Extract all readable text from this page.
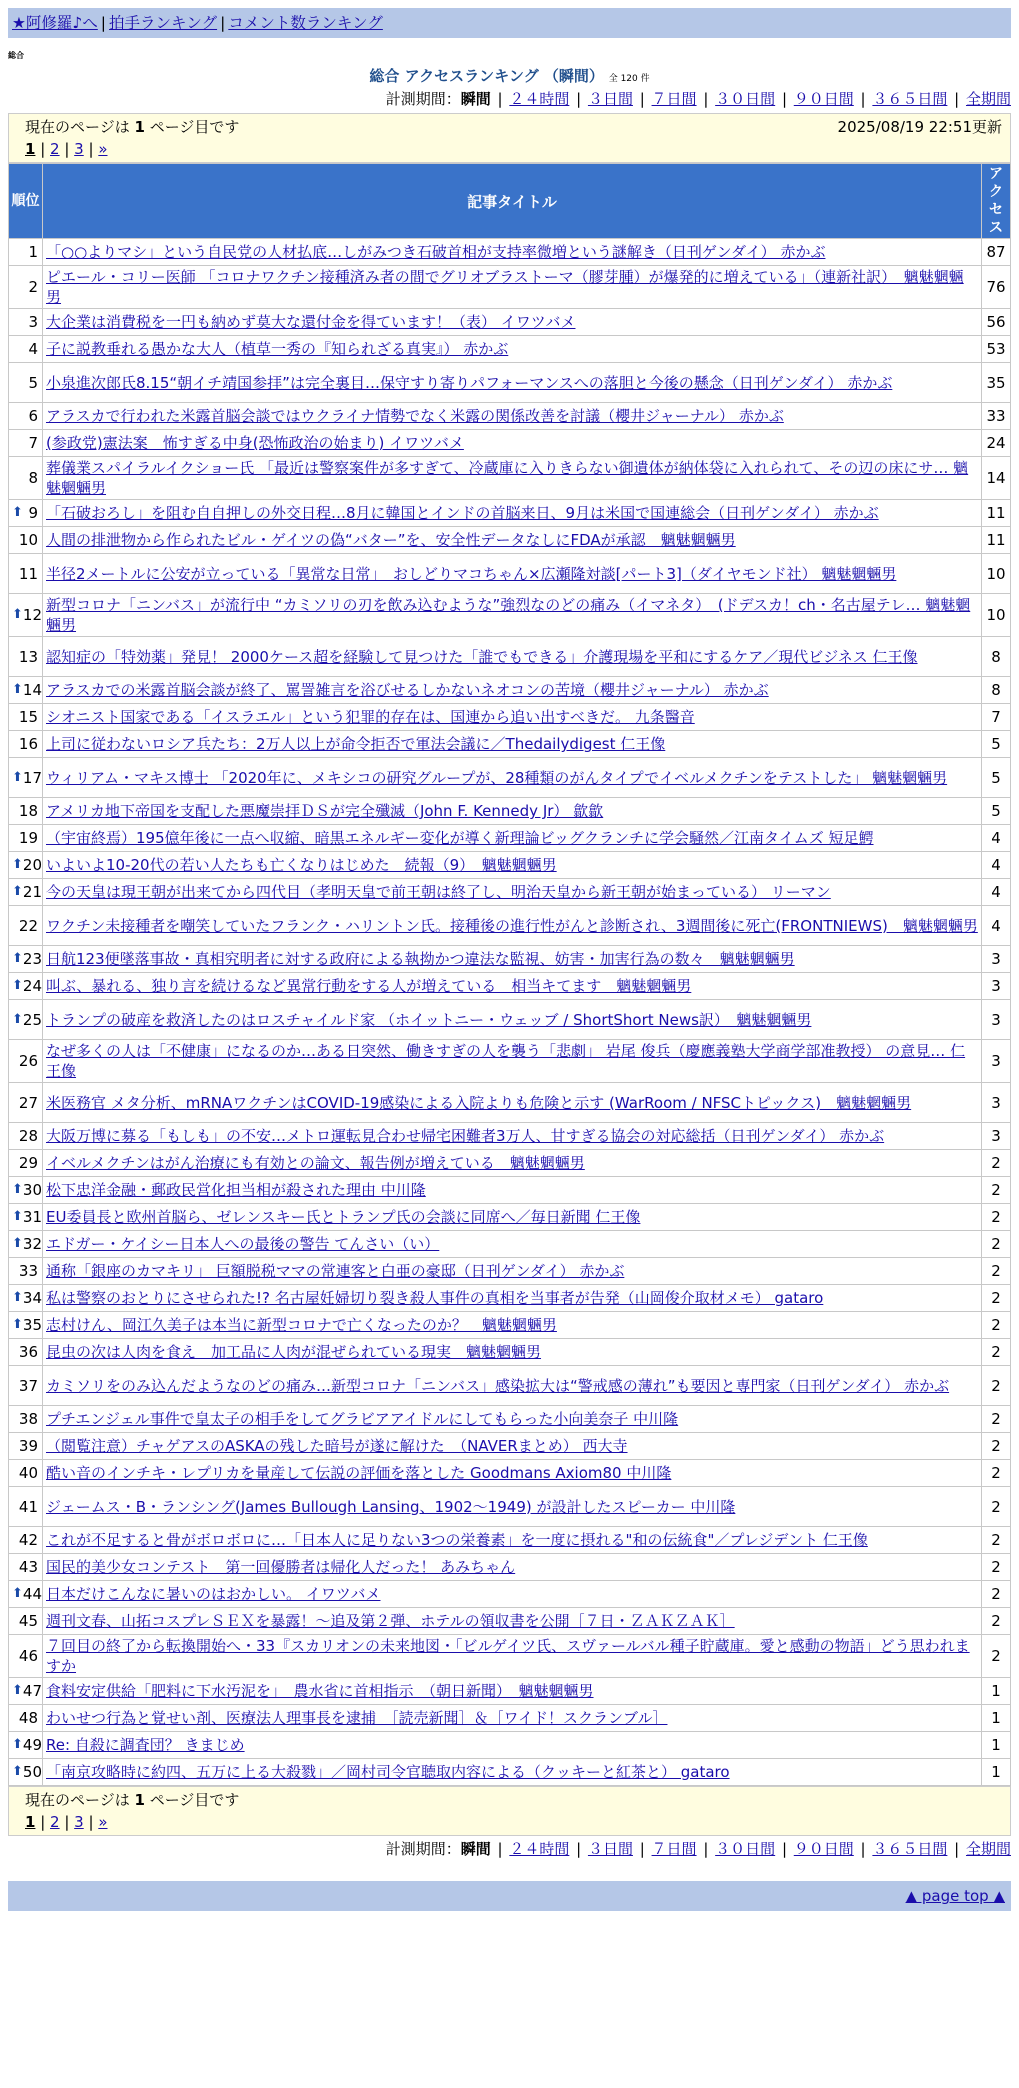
★阿修羅♪へ | 拍手ランキング | コメント数ランキング
総合
総合 アクセスランキング （瞬間） 全 120 件
計測期間：瞬間 | ２４時間 | ３日間 | ７日間 | ３０日間 | ９０日間 | ３６５日間 | 全期間
現在のページは 1 ページ目です	2025/08/19 22:51更新
1 | 2 | 3 | »
順位	記事タイトル	アクセス
1	「○○よりマシ」という自民党の人材払底…しがみつき石破首相が支持率微増という謎解き（日刊ゲンダイ） 赤かぶ	87
2	ピエール・コリー医師 「コロナワクチン接種済み者の間でグリオブラストーマ（膠芽腫）が爆発的に増えている」（連新社訳）　魑魅魍魎男	76
3	大企業は消費税を一円も納めず莫大な還付金を得ています！（表） イワツバメ	56
4	子に説教垂れる愚かな大人（植草一秀の『知られざる真実』） 赤かぶ	53
5	小泉進次郎氏8.15“朝イチ靖国参拝”は完全裏目…保守すり寄りパフォーマンスへの落胆と今後の懸念（日刊ゲンダイ） 赤かぶ	35
6	アラスカで行われた米露首脳会談ではウクライナ情勢でなく米露の関係改善を討議（櫻井ジャーナル） 赤かぶ	33
7	(参政党)憲法案　怖すぎる中身(恐怖政治の始まり) イワツバメ	24
8	葬儀業スパイラルイクショー氏 「最近は警察案件が多すぎて、冷蔵庫に入りきらない御遺体が納体袋に入れられて、その辺の床にサ… 魑魅魍魎男	14

⬆ 9	「石破おろし」を阻む自自押しの外交日程…8月に韓国とインドの首脳来日、9月は米国で国連総会（日刊ゲンダイ） 赤かぶ	11
10	人間の排泄物から作られたビル・ゲイツの偽“バター”を、安全性データなしにFDAが承認　魑魅魍魎男	11
11	半径2メートルに公安が立っている「異常な日常」　おしどりマコちゃん×広瀬隆対談[パート3]（ダイヤモンド社） 魑魅魍魎男	10

⬆ 12	新型コロナ「ニンバス」が流行中 “カミソリの刃を飲み込むような”強烈なのどの痛み（イマネタ）　(ドデスカ！ch・名古屋テレ… 魑魅魍魎男	10
13	認知症の「特効薬」発見！ 2000ケース超を経験して見つけた「誰でもできる」介護現場を平和にするケア／現代ビジネス 仁王像	8

⬆ 14	アラスカでの米露首脳会談が終了、罵詈雑言を浴びせるしかないネオコンの苦境（櫻井ジャーナル） 赤かぶ	8
15	シオニスト国家である「イスラエル」という犯罪的存在は、国連から追い出すべきだ。 九条醫音	7
16	上司に従わないロシア兵たち：2万人以上が命令拒否で軍法会議に／Thedailydigest 仁王像	5

⬆ 17	ウィリアム・マキス博士 「2020年に、メキシコの研究グループが、28種類のがんタイプでイベルメクチンをテストした」 魑魅魍魎男	5
18	アメリカ地下帝国を支配した悪魔崇拝ＤＳが完全殲滅（John F. Kennedy Jr） 歙歙	5
19	（宇宙終焉）195億年後に一点へ収縮、暗黒エネルギー変化が導く新理論ビッグクランチに学会騒然／江南タイムズ 短足鰐	4

⬆ 20	いよいよ10-20代の若い人たちも亡くなりはじめた　続報（9）　魑魅魍魎男	4

⬆ 21	今の天皇は現王朝が出来てから四代目（孝明天皇で前王朝は終了し、明治天皇から新王朝が始まっている） リーマン	4
22	ワクチン未接種者を嘲笑していたフランク・ハリントン氏。接種後の進行性がんと診断され、3週間後に死亡(FRONTNIEWS)　魑魅魍魎男	4

⬆ 23	日航123便墜落事故・真相究明者に対する政府による執拗かつ違法な監視、妨害・加害行為の数々　魑魅魍魎男	3

⬆ 24	叫ぶ、暴れる、独り言を続けるなど異常行動をする人が増えている　相当キてます　魑魅魍魎男	3

⬆ 25	トランプの破産を救済したのはロスチャイルド家 （ホイットニー・ウェッブ / ShortShort News訳）　魑魅魍魎男	3
26	なぜ多くの人は「不健康」になるのか…ある日突然、働きすぎの人を襲う「悲劇」 岩尾 俊兵（慶應義塾大学商学部准教授） の意見… 仁王像	3
27	米医務官 メタ分析、mRNAワクチンはCOVID-19感染による入院よりも危険と示す (WarRoom / NFSCトピックス)　魑魅魍魎男	3
28	大阪万博に募る「もしも」の不安…メトロ運転見合わせ帰宅困難者3万人、甘すぎる協会の対応総括（日刊ゲンダイ） 赤かぶ	3
29	イベルメクチンはがん治療にも有効との論文、報告例が増えている　魑魅魍魎男	2

⬆ 30	松下忠洋金融・郵政民営化担当相が殺された理由 中川隆	2

⬆ 31	EU委員長と欧州首脳ら、ゼレンスキー氏とトランプ氏の会談に同席へ／毎日新聞 仁王像	2

⬆ 32	エドガー・ケイシー日本人への最後の警告 てんさい（い）	2
33	通称「銀座のカマキリ」 巨額脱税ママの常連客と白亜の豪邸（日刊ゲンダイ） 赤かぶ	2

⬆ 34	私は警察のおとりにさせられた!? 名古屋妊婦切り裂き殺人事件の真相を当事者が告発（山岡俊介取材メモ） gataro	2

⬆ 35	志村けん、岡江久美子は本当に新型コロナで亡くなったのか？　魑魅魍魎男	2
36	昆虫の次は人肉を食え　加工品に人肉が混ぜられている現実　魑魅魍魎男	2
37	カミソリをのみ込んだようなのどの痛み…新型コロナ「ニンバス」感染拡大は“警戒感の薄れ”も要因と専門家（日刊ゲンダイ） 赤かぶ	2
38	プチエンジェル事件で皇太子の相手をしてグラビアアイドルにしてもらった小向美奈子 中川隆	2
39	（閲覧注意）チャゲアスのASKAの残した暗号が遂に解けた　（NAVERまとめ） 西大寺	2
40	酷い音のインチキ・レプリカを量産して伝説の評価を落とした Goodmans Axiom80 中川隆	2
41	ジェームス・B・ランシング(James Bullough Lansing、1902～1949) が設計したスピーカー 中川隆	2
42	これが不足すると骨がボロボロに…「日本人に足りない3つの栄養素」を一度に摂れる"和の伝統食"／プレジデント 仁王像	2
43	国民的美少女コンテスト　第一回優勝者は帰化人だった！ あみちゃん	2

⬆ 44	日本だけこんなに暑いのはおかしい。 イワツバメ	2
45	週刊文春、山拓コスプレＳＥＸを暴露！～追及第２弾、ホテルの領収書を公開［７日・ＺＡＫＺＡＫ］	2
46	７回目の終了から転換開始へ・33『スカリオンの未来地図・「ビルゲイツ氏、スヴァールバル種子貯蔵庫。愛と感動の物語」どう思われますか	2

⬆ 47	食料安定供給「肥料に下水汚泥を」　農水省に首相指示　（朝日新聞）　魑魅魍魎男	1
48	わいせつ行為と覚せい剤、医療法人理事長を逮捕　［読売新聞］＆［ワイド！スクランブル］	1

⬆ 49	Re: 自殺に調査団？ きまじめ	1

⬆ 50	「南京攻略時に約四、五万に上る大殺戮」／岡村司令官聴取内容による（クッキーと紅茶と） gataro	1
現在のページは 1 ページ目です
1 | 2 | 3 | »
計測期間：瞬間 | ２４時間 | ３日間 | ７日間 | ３０日間 | ９０日間 | ３６５日間 | 全期間
▲ page top ▲
